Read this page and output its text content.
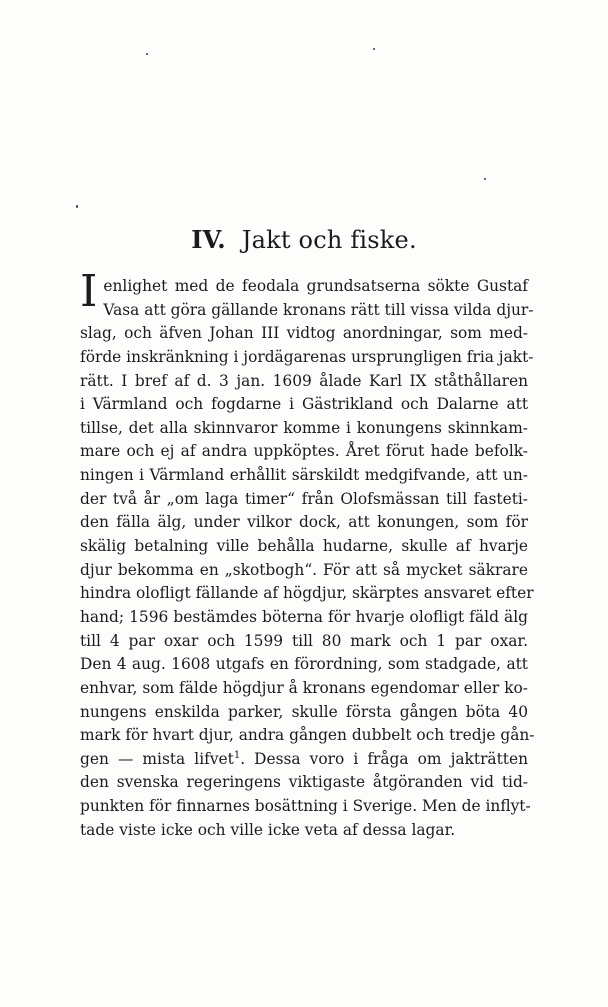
IV. Jakt och fiske.
I enlighet med de feodala grundsatserna sökte Gustaf
Vasa att göra gällande kronans rätt till vissa vilda djur-
slag, och äfven Johan III vidtog anordningar, som med-
förde inskränkning i jordägarenas ursprungligen fria jakt-
rätt. I bref af d. 3 jan. 1609 ålade Karl IX ståthållaren
i Värmland och fogdarne i Gästrikland och Dalarne att
tillse, det alla skinnvaror komme i konungens skinnkam-
mare och ej af andra uppköptes. Året förut hade befolk-
ningen i Värmland erhållit särskildt medgifvande, att un-
der två år „om laga timer“ från Olofsmässan till fasteti-
den fälla älg, under vilkor dock, att konungen, som för
skälig betalning ville behålla hudarne, skulle af hvarje
djur bekomma en „skotbogh“. För att så mycket säkrare
hindra olofligt fällande af högdjur, skärptes ansvaret efter
hand; 1596 bestämdes böterna för hvarje olofligt fäld älg
till 4 par oxar och 1599 till 80 mark och 1 par oxar.
Den 4 aug. 1608 utgafs en förordning, som stadgade, att
enhvar, som fälde högdjur å kronans egendomar eller ko-
nungens enskilda parker, skulle första gången böta 40
mark för hvart djur, andra gången dubbelt och tredje gån-
gen — mista lifvet$^1$. Dessa voro i fråga om jakträtten
den svenska regeringens viktigaste åtgöranden vid tid-
punkten för finnarnes bosättning i Sverige. Men de inflyt-
tade viste icke och ville icke veta af dessa lagar.
